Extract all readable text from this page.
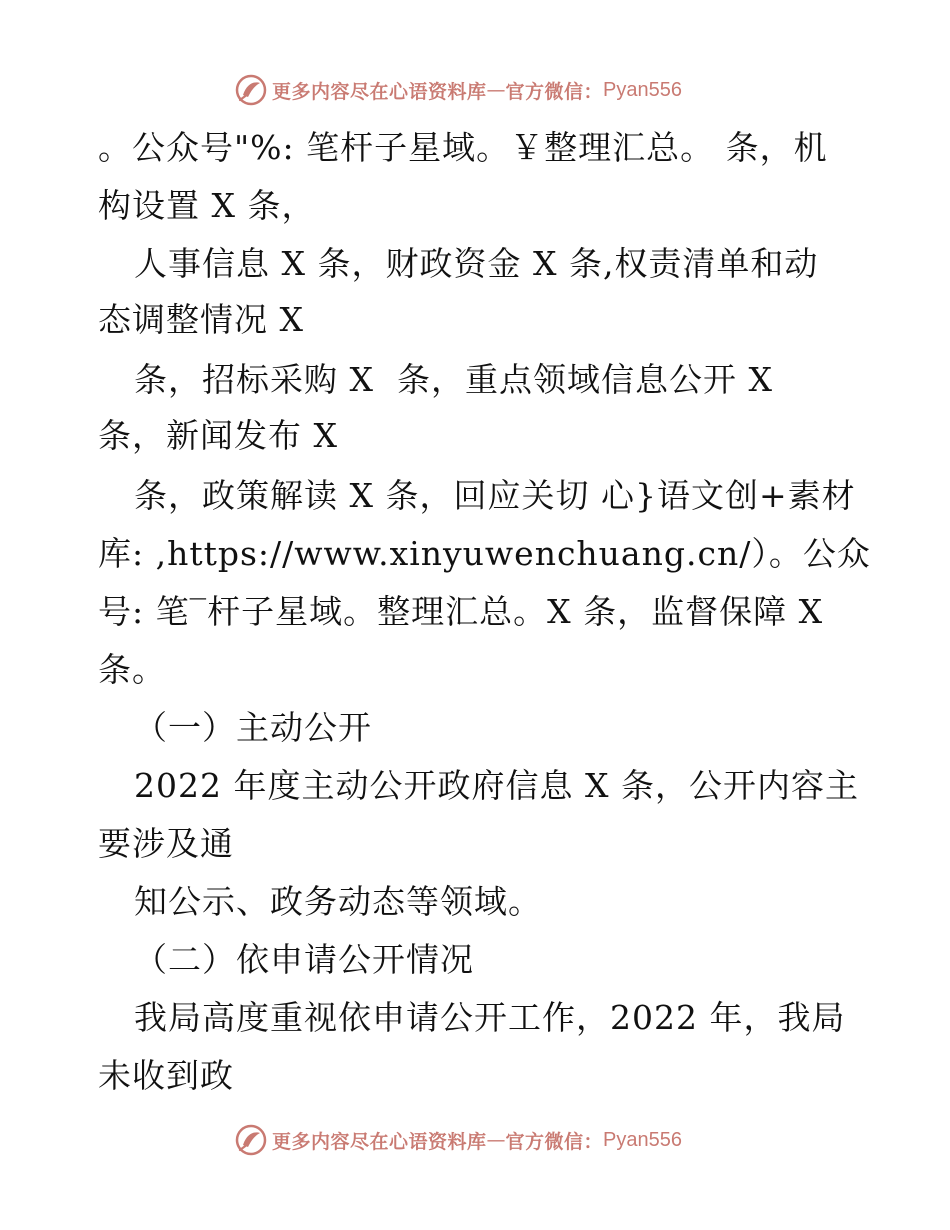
更多内容尽在心语资料库 — 官方微信： Pyan556
。公众号"%: 笔杆子星域。￥整理汇总。 条，机
构设置 X 条，
人事信息 X 条，财政资金 X 条,权责清单和动
态调整情况 X
条，招标采购 X  条，重点领域信息公开 X
条，新闻发布 X
条，政策解读 X 条，回应关切 心}语文创+素材
库: ,https://www.xinyuwenchuang.cn/）。公众
号: 笔‾杆子星域。整理汇总。X 条，监督保障 X
条。
（一）主动公开
2022 年度主动公开政府信息 X 条，公开内容主
要涉及通
知公示、政务动态等领域。
（二）依申请公开情况
我局高度重视依申请公开工作，2022 年，我局
未收到政
更多内容尽在心语资料库 — 官方微信： Pyan556
